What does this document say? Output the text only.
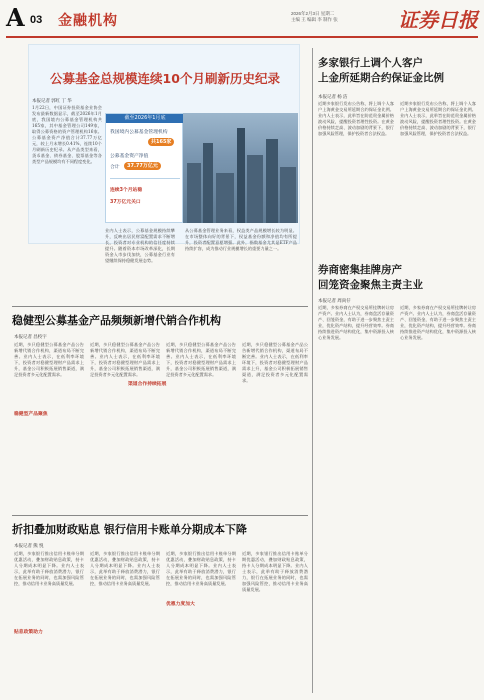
A 03 金融机构	2026年2月3日 星期二
主编 王 编辑 李 制作 张	证券日报
公募基金总规模连续10个月刷新历史纪录
本报记者 郭红 丁 华
1月22日，中国证券投资基金业协会发布最新数据显示，截至2026年1月底，我国境内公募基金管理机构共165家，其中基金管理公司149家，取得公募资格的资产管理机构16家。公募基金资产净值合计37.77万亿元，较上月末增长0.41%，连续10个月刷新历史纪录。从产品类型来看，货币基金、债券基金、股票基金等各类型产品规模均有不同程度变化。
截至2026年1月底
我国境内公募基金管理机构
共165家
公募基金资产净值
合计	37.77万亿元
连续3个月站稳
37万亿元关口
业内人士表示，公募基金规模持续攀升，反映出居民财富配置需求不断增长，投资者对专业机构的信任度持续提升。随着资本市场改革深化，长期资金入市步伐加快，公募基金行业有望继续保持稳健发展态势。
从公募基金管理业务来看，权益类产品规模增长较为明显。在市场整体向好的背景下，权益基金份额和净值均有所提升，投资者配置意愿增强。此外，指数基金尤其是ETF产品持续扩容，成为推动行业规模增长的重要力量之一。
多家银行上调个人客户
上金所延期合约保证金比例
本报记者 杨 洁
近期多家银行发布公告称，将上调个人客户上海黄金交易所延期合约保证金比例。业内人士表示，此举旨在防范贵金属价格波动风险，提醒投资者理性投资。在黄金价格持续走高、波动加剧的背景下，银行加强风险管理，保护投资者合法权益。
近期多家银行发布公告称，将上调个人客户上海黄金交易所延期合约保证金比例。业内人士表示，此举旨在防范贵金属价格波动风险，提醒投资者理性投资。在黄金价格持续走高、波动加剧的背景下，银行加强风险管理，保护投资者合法权益。
券商密集挂牌房产
回笼资金聚焦主责主业
本报记者 周尚仔
近期，多家券商在产权交易所挂牌转让房产资产。业内人士认为，券商盘活存量资产、回笼资金，有助于进一步聚焦主责主业，优化资产结构，提升经营效率。券商持续推进资产结构优化，集中资源投入核心业务发展。
近期，多家券商在产权交易所挂牌转让房产资产。业内人士认为，券商盘活存量资产、回笼资金，有助于进一步聚焦主责主业，优化资产结构，提升经营效率。券商持续推进资产结构优化，集中资源投入核心业务发展。
稳健型公募基金产品频频新增代销合作机构
本报记者 昌校宇
稳健型产品聚焦
渠道合作持续拓展
近期，多只稳健型公募基金产品公告新增代销合作机构，渠道布局不断完善。业内人士表示，在低利率环境下，投资者对稳健型理财产品需求上升，基金公司积极拓展销售渠道，满足投资者多元化配置需求。
近期，多只稳健型公募基金产品公告新增代销合作机构，渠道布局不断完善。业内人士表示，在低利率环境下，投资者对稳健型理财产品需求上升，基金公司积极拓展销售渠道，满足投资者多元化配置需求。
近期，多只稳健型公募基金产品公告新增代销合作机构，渠道布局不断完善。业内人士表示，在低利率环境下，投资者对稳健型理财产品需求上升，基金公司积极拓展销售渠道，满足投资者多元化配置需求。
近期，多只稳健型公募基金产品公告新增代销合作机构，渠道布局不断完善。业内人士表示，在低利率环境下，投资者对稳健型理财产品需求上升，基金公司积极拓展销售渠道，满足投资者多元化配置需求。
折扣叠加财政贴息 银行信用卡账单分期成本下降
本报记者 熊 悦
贴息政策助力
优惠力度加大
近期，多家银行推出信用卡账单分期优惠活动，叠加财政贴息政策，持卡人分期成本明显下降。业内人士表示，此举有助于释放消费潜力，银行在拓展业务的同时，也需加强风险管控，推动信用卡业务高质量发展。
近期，多家银行推出信用卡账单分期优惠活动，叠加财政贴息政策，持卡人分期成本明显下降。业内人士表示，此举有助于释放消费潜力，银行在拓展业务的同时，也需加强风险管控，推动信用卡业务高质量发展。
近期，多家银行推出信用卡账单分期优惠活动，叠加财政贴息政策，持卡人分期成本明显下降。业内人士表示，此举有助于释放消费潜力，银行在拓展业务的同时，也需加强风险管控，推动信用卡业务高质量发展。
近期，多家银行推出信用卡账单分期优惠活动，叠加财政贴息政策，持卡人分期成本明显下降。业内人士表示，此举有助于释放消费潜力，银行在拓展业务的同时，也需加强风险管控，推动信用卡业务高质量发展。
